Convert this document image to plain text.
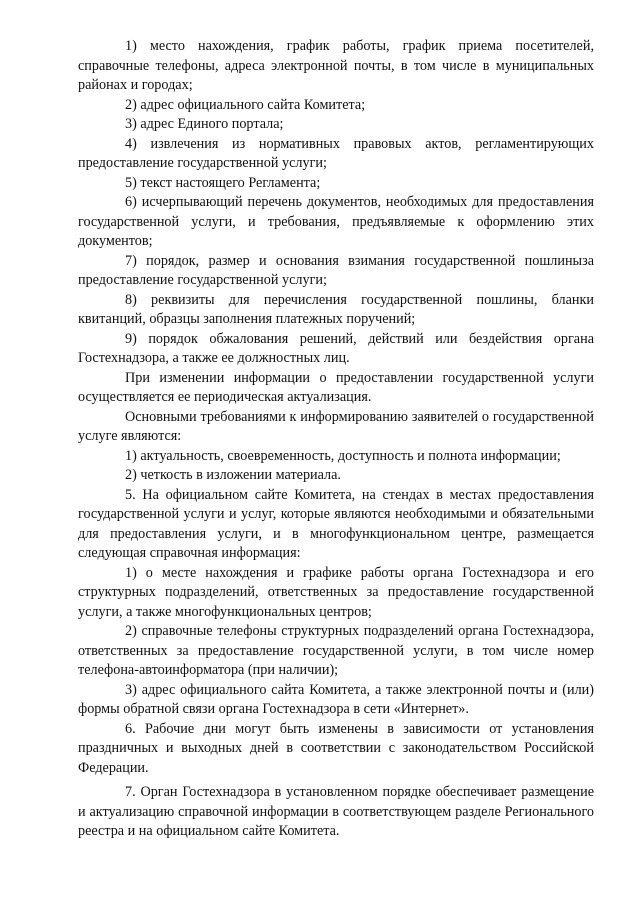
1) место нахождения, график работы, график приема посетителей, справочные телефоны, адреса электронной почты, в том числе в муниципальных районах и городах;

2) адрес официального сайта Комитета;

3) адрес Единого портала;

4) извлечения из нормативных правовых актов, регламентирующих предоставление государственной услуги;

5) текст настоящего Регламента;

6) исчерпывающий перечень документов, необходимых для предоставления государственной услуги, и требования, предъявляемые к оформлению этих документов;

7) порядок, размер и основания взимания государственной пошлиныза предоставление государственной услуги;

8) реквизиты для перечисления государственной пошлины, бланки квитанций, образцы заполнения платежных поручений;

9) порядок обжалования решений, действий или бездействия органа Гостехнадзора, а также ее должностных лиц.

При изменении информации о предоставлении государственной услуги осуществляется ее периодическая актуализация.

Основными требованиями к информированию заявителей о государственной услуге являются:

1) актуальность, своевременность, доступность и полнота информации;

2) четкость в изложении материала.

5. На официальном сайте Комитета, на стендах в местах предоставления государственной услуги и услуг, которые являются необходимыми и обязательными для предоставления услуги, и в многофункциональном центре, размещается следующая справочная информация:

1) о месте нахождения и графике работы органа Гостехнадзора и его структурных подразделений, ответственных за предоставление государственной услуги, а также многофункциональных центров;

2) справочные телефоны структурных подразделений органа Гостехнадзора, ответственных за предоставление государственной услуги, в том числе номер телефона-автоинформатора (при наличии);

3) адрес официального сайта Комитета, а также электронной почты и (или) формы обратной связи органа Гостехнадзора в сети «Интернет».

6. Рабочие дни могут быть изменены в зависимости от установления праздничных и выходных дней в соответствии с законодательством Российской Федерации.

7. Орган Гостехнадзора в установленном порядке обеспечивает размещение и актуализацию справочной информации в соответствующем разделе Регионального реестра и на официальном сайте Комитета.
